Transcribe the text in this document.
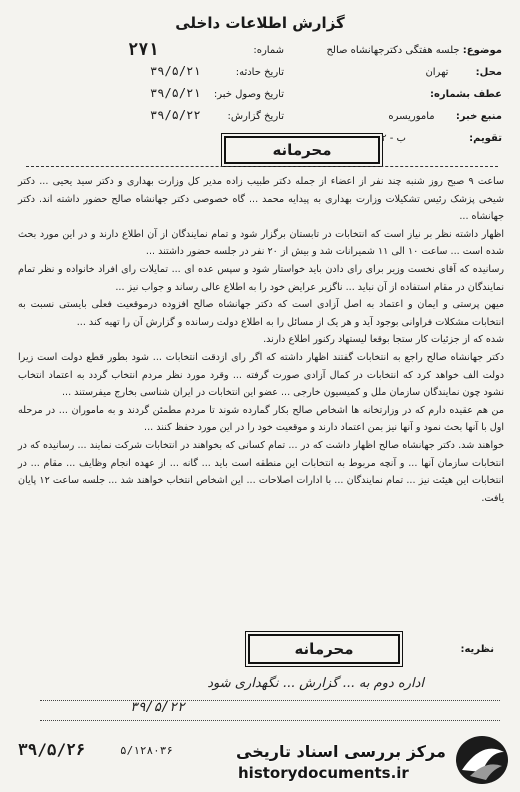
گزارش اطلاعات داخلی
موضوع: جلسه هفتگی دکترجهانشاه صالح
محل: تهران
عطف بشماره:
منبع خبر: ماموریسره
تقویم: ب - ۲
شماره:
۲۷۱
تاریخ حادثه:
۳۹/۵/۲۱
تاریخ وصول خبر:
۳۹/۵/۲۱
تاریخ گزارش:
۳۹/۵/۲۲
محرمانه

ساعت ۹ صبح روز شنبه چند نفر از اعضاء از جمله دکتر طبیب زاده مدیر کل وزارت بهداری و دکتر سید یحیی ... دکتر شیخی پزشک رئیس تشکیلات وزارت بهداری به پیدایه محمد ... گاه خصوصی دکتر جهانشاه صالح حضور داشته اند. دکتر جهانشاه ...

اظهار داشته نظر بر نیاز است که انتخابات در تابستان برگزار شود و تمام نمایندگان از آن اطلاع دارند و در این مورد بحث شده است ... ساعت ۱۰ الی ۱۱ شمیرانات شد و بیش از ۲۰ نفر در جلسه حضور داشتند ...

رسانیده که آقای نخست وزیر برای رای دادن باید خواستار شود و سپس عده ای ... تمایلات رای افراد خانواده و نظر تمام نمایندگان در مقام استفاده از آن نباید ... ناگزیر عرایض خود را به اطلاع عالی رساند و جواب نیز ...

میهن پرستی و ایمان و اعتماد به اصل آزادی است که دکتر جهانشاه صالح افزوده درموقعیت فعلی بایستی نسبت به انتخابات مشکلات فراوانی بوجود آید و هر یک از مسائل را به اطلاع دولت رسانده و گزارش آن را تهیه کند ...

شده که از جزئیات کار ستجا بوقعا لیستهاد رکنور اطلاع دارند.

دکتر جهانشاه صالح راجع به انتخابات گفتند اظهار داشته که اگر رای ازدقت انتخابات ... شود بطور قطع دولت است زیرا دولت الف خواهد کرد که انتخابات در کمال آزادی صورت گرفته ... وقرد مورد نظر مردم انتخاب گردد به اعتماد انتخاب نشود چون نمایندگان سازمان ملل و کمیسیون خارجی ... عضو این انتخابات در ایران شناسی بخارج میفرستند ...

من هم عقیده دارم که در وزارتخانه ها اشخاص صالح بکار گمارده شوند تا مردم مطمئن گردند و به ماموران ... در مرحله اول با آنها بحث نمود و آنها نیز بمن اعتماد دارند و موقعیت خود را در این مورد حفظ کنند ...

خواهند شد. دکتر جهانشاه صالح اظهار داشت که در ... تمام کسانی که بخواهند در انتخابات شرکت نمایند ... رسانیده که در انتخابات سازمان آنها ... و آنچه مربوط به انتخابات این منطقه است باید ... گانه ... از عهده انجام وظایف ... مقام ... در انتخابات این هیئت نیز ... تمام نمایندگان ... با ادارات اصلاحات ... این اشخاص انتخاب خواهند شد ... جلسه ساعت ۱۲ پایان یافت.

محرمانه	نظریه:
اداره دوم به ... گزارش ... نگهداری شود
۳۹/۵/۲۲
۳۹/۵/۲۶	۵/۱۲۸۰۳۶	مرکز بررسی اسناد تاریخی
historydocuments.ir
